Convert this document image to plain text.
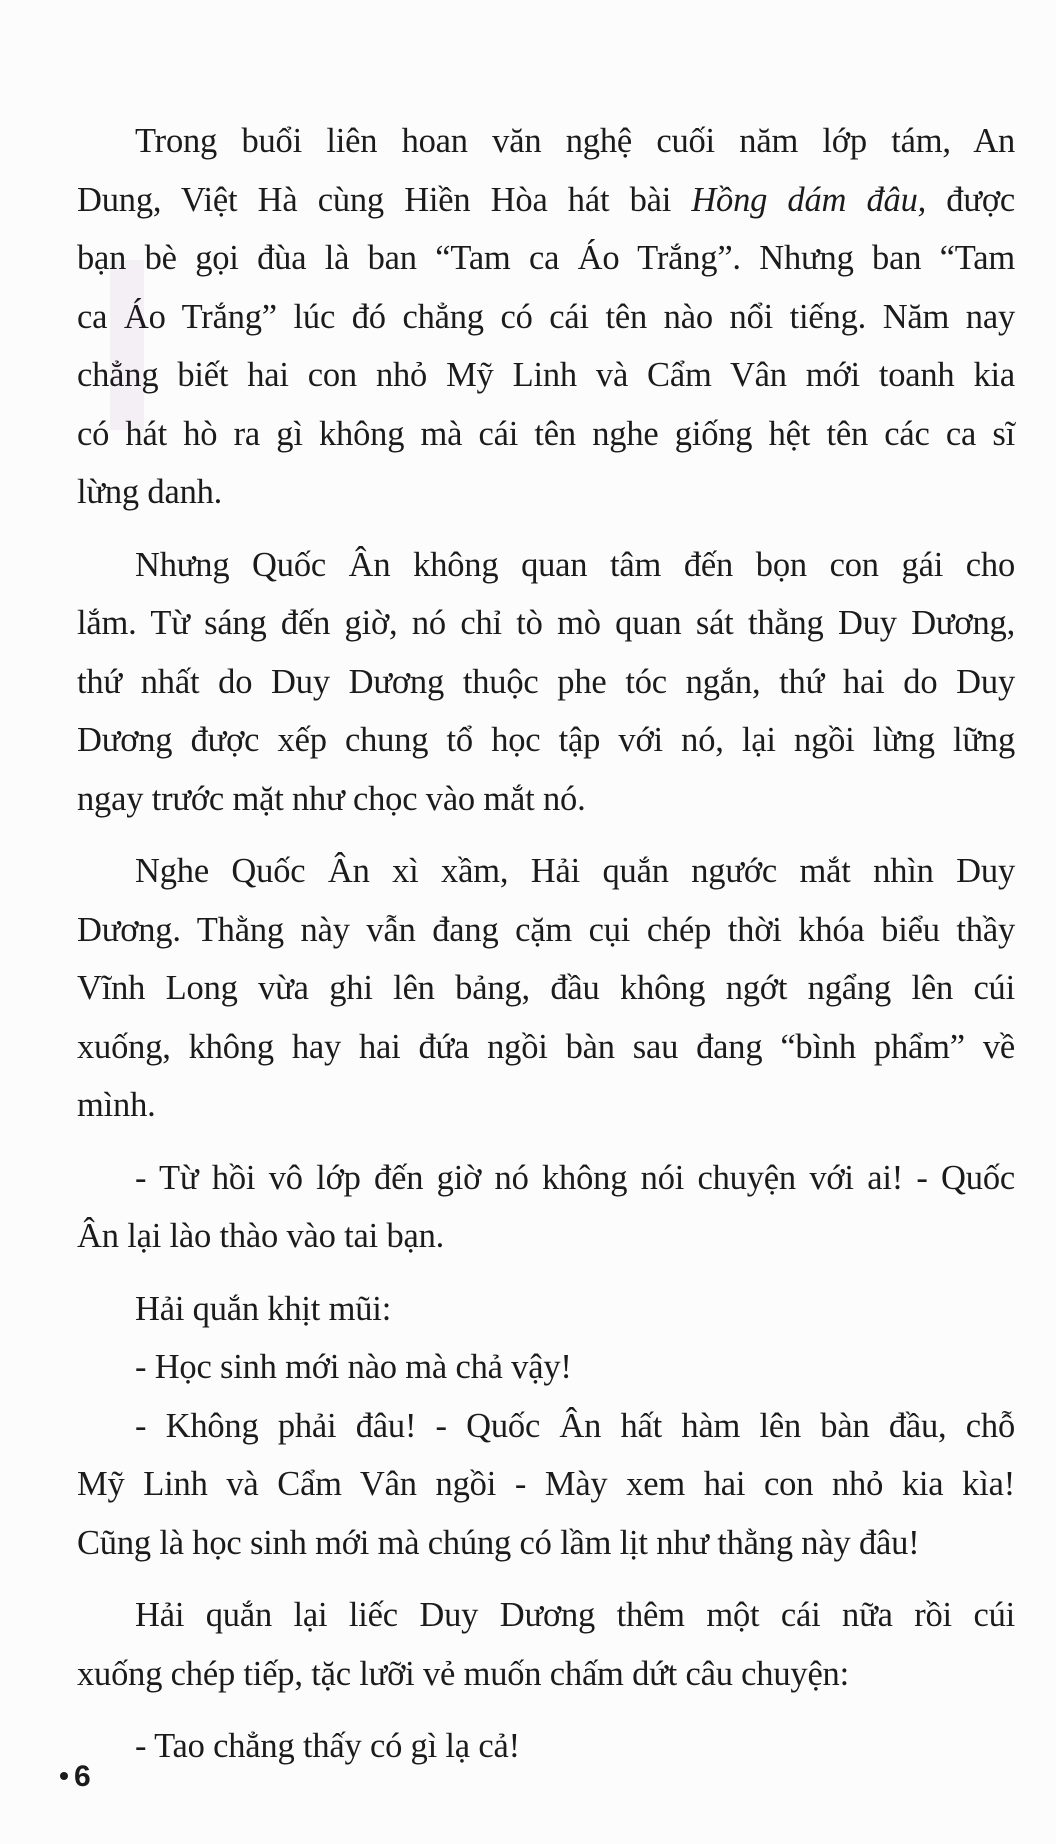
Trong buổi liên hoan văn nghệ cuối năm lớp tám, An
Dung, Việt Hà cùng Hiền Hòa hát bài Hồng dám đâu, được
bạn bè gọi đùa là ban “Tam ca Áo Trắng”. Nhưng ban “Tam
ca Áo Trắng” lúc đó chẳng có cái tên nào nổi tiếng. Năm nay
chẳng biết hai con nhỏ Mỹ Linh và Cẩm Vân mới toanh kia
có hát hò ra gì không mà cái tên nghe giống hệt tên các ca sĩ
lừng danh.

Nhưng Quốc Ân không quan tâm đến bọn con gái cho
lắm. Từ sáng đến giờ, nó chỉ tò mò quan sát thằng Duy Dương,
thứ nhất do Duy Dương thuộc phe tóc ngắn, thứ hai do Duy
Dương được xếp chung tổ học tập với nó, lại ngồi lừng lững
ngay trước mặt như chọc vào mắt nó.

Nghe Quốc Ân xì xầm, Hải quắn ngước mắt nhìn Duy
Dương. Thằng này vẫn đang cặm cụi chép thời khóa biểu thầy
Vĩnh Long vừa ghi lên bảng, đầu không ngớt ngẩng lên cúi
xuống, không hay hai đứa ngồi bàn sau đang “bình phẩm” về
mình.

- Từ hồi vô lớp đến giờ nó không nói chuyện với ai! - Quốc
Ân lại lào thào vào tai bạn.

Hải quắn khịt mũi:
- Học sinh mới nào mà chả vậy!
- Không phải đâu! - Quốc Ân hất hàm lên bàn đầu, chỗ
Mỹ Linh và Cẩm Vân ngồi - Mày xem hai con nhỏ kia kìa!
Cũng là học sinh mới mà chúng có lầm lịt như thằng này đâu!

Hải quắn lại liếc Duy Dương thêm một cái nữa rồi cúi
xuống chép tiếp, tặc lưỡi vẻ muốn chấm dứt câu chuyện:

- Tao chẳng thấy có gì lạ cả!

6
